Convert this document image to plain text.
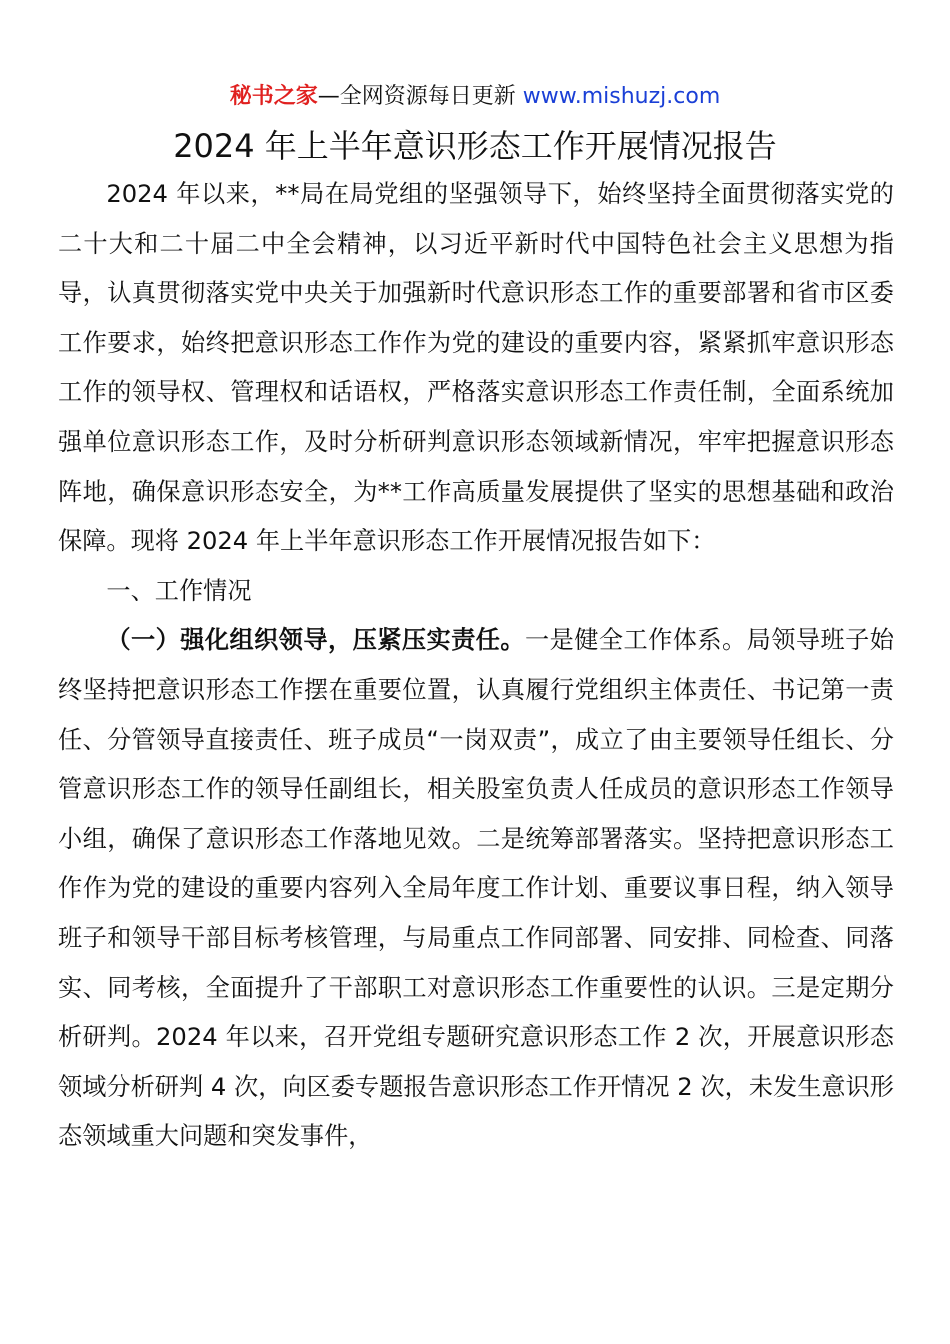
秘书之家—全网资源每日更新 www.mishuzj.com
2024 年上半年意识形态工作开展情况报告

2024 年以来，**局在局党组的坚强领导下，始终坚持全面贯彻落实党的二十大和二十届二中全会精神，以习近平新时代中国特色社会主义思想为指导，认真贯彻落实党中央关于加强新时代意识形态工作的重要部署和省市区委工作要求，始终把意识形态工作作为党的建设的重要内容，紧紧抓牢意识形态工作的领导权、管理权和话语权，严格落实意识形态工作责任制，全面系统加强单位意识形态工作，及时分析研判意识形态领域新情况，牢牢把握意识形态阵地，确保意识形态安全，为**工作高质量发展提供了坚实的思想基础和政治保障。现将 2024 年上半年意识形态工作开展情况报告如下：

一、工作情况

（一）强化组织领导，压紧压实责任。一是健全工作体系。局领导班子始终坚持把意识形态工作摆在重要位置，认真履行党组织主体责任、书记第一责任、分管领导直接责任、班子成员“一岗双责”，成立了由主要领导任组长、分管意识形态工作的领导任副组长，相关股室负责人任成员的意识形态工作领导小组，确保了意识形态工作落地见效。二是统筹部署落实。坚持把意识形态工作作为党的建设的重要内容列入全局年度工作计划、重要议事日程，纳入领导班子和领导干部目标考核管理，与局重点工作同部署、同安排、同检查、同落实、同考核，全面提升了干部职工对意识形态工作重要性的认识。三是定期分析研判。2024 年以来，召开党组专题研究意识形态工作 2 次，开展意识形态领域分析研判 4 次，向区委专题报告意识形态工作开情况 2 次，未发生意识形态领域重大问题和突发事件，
